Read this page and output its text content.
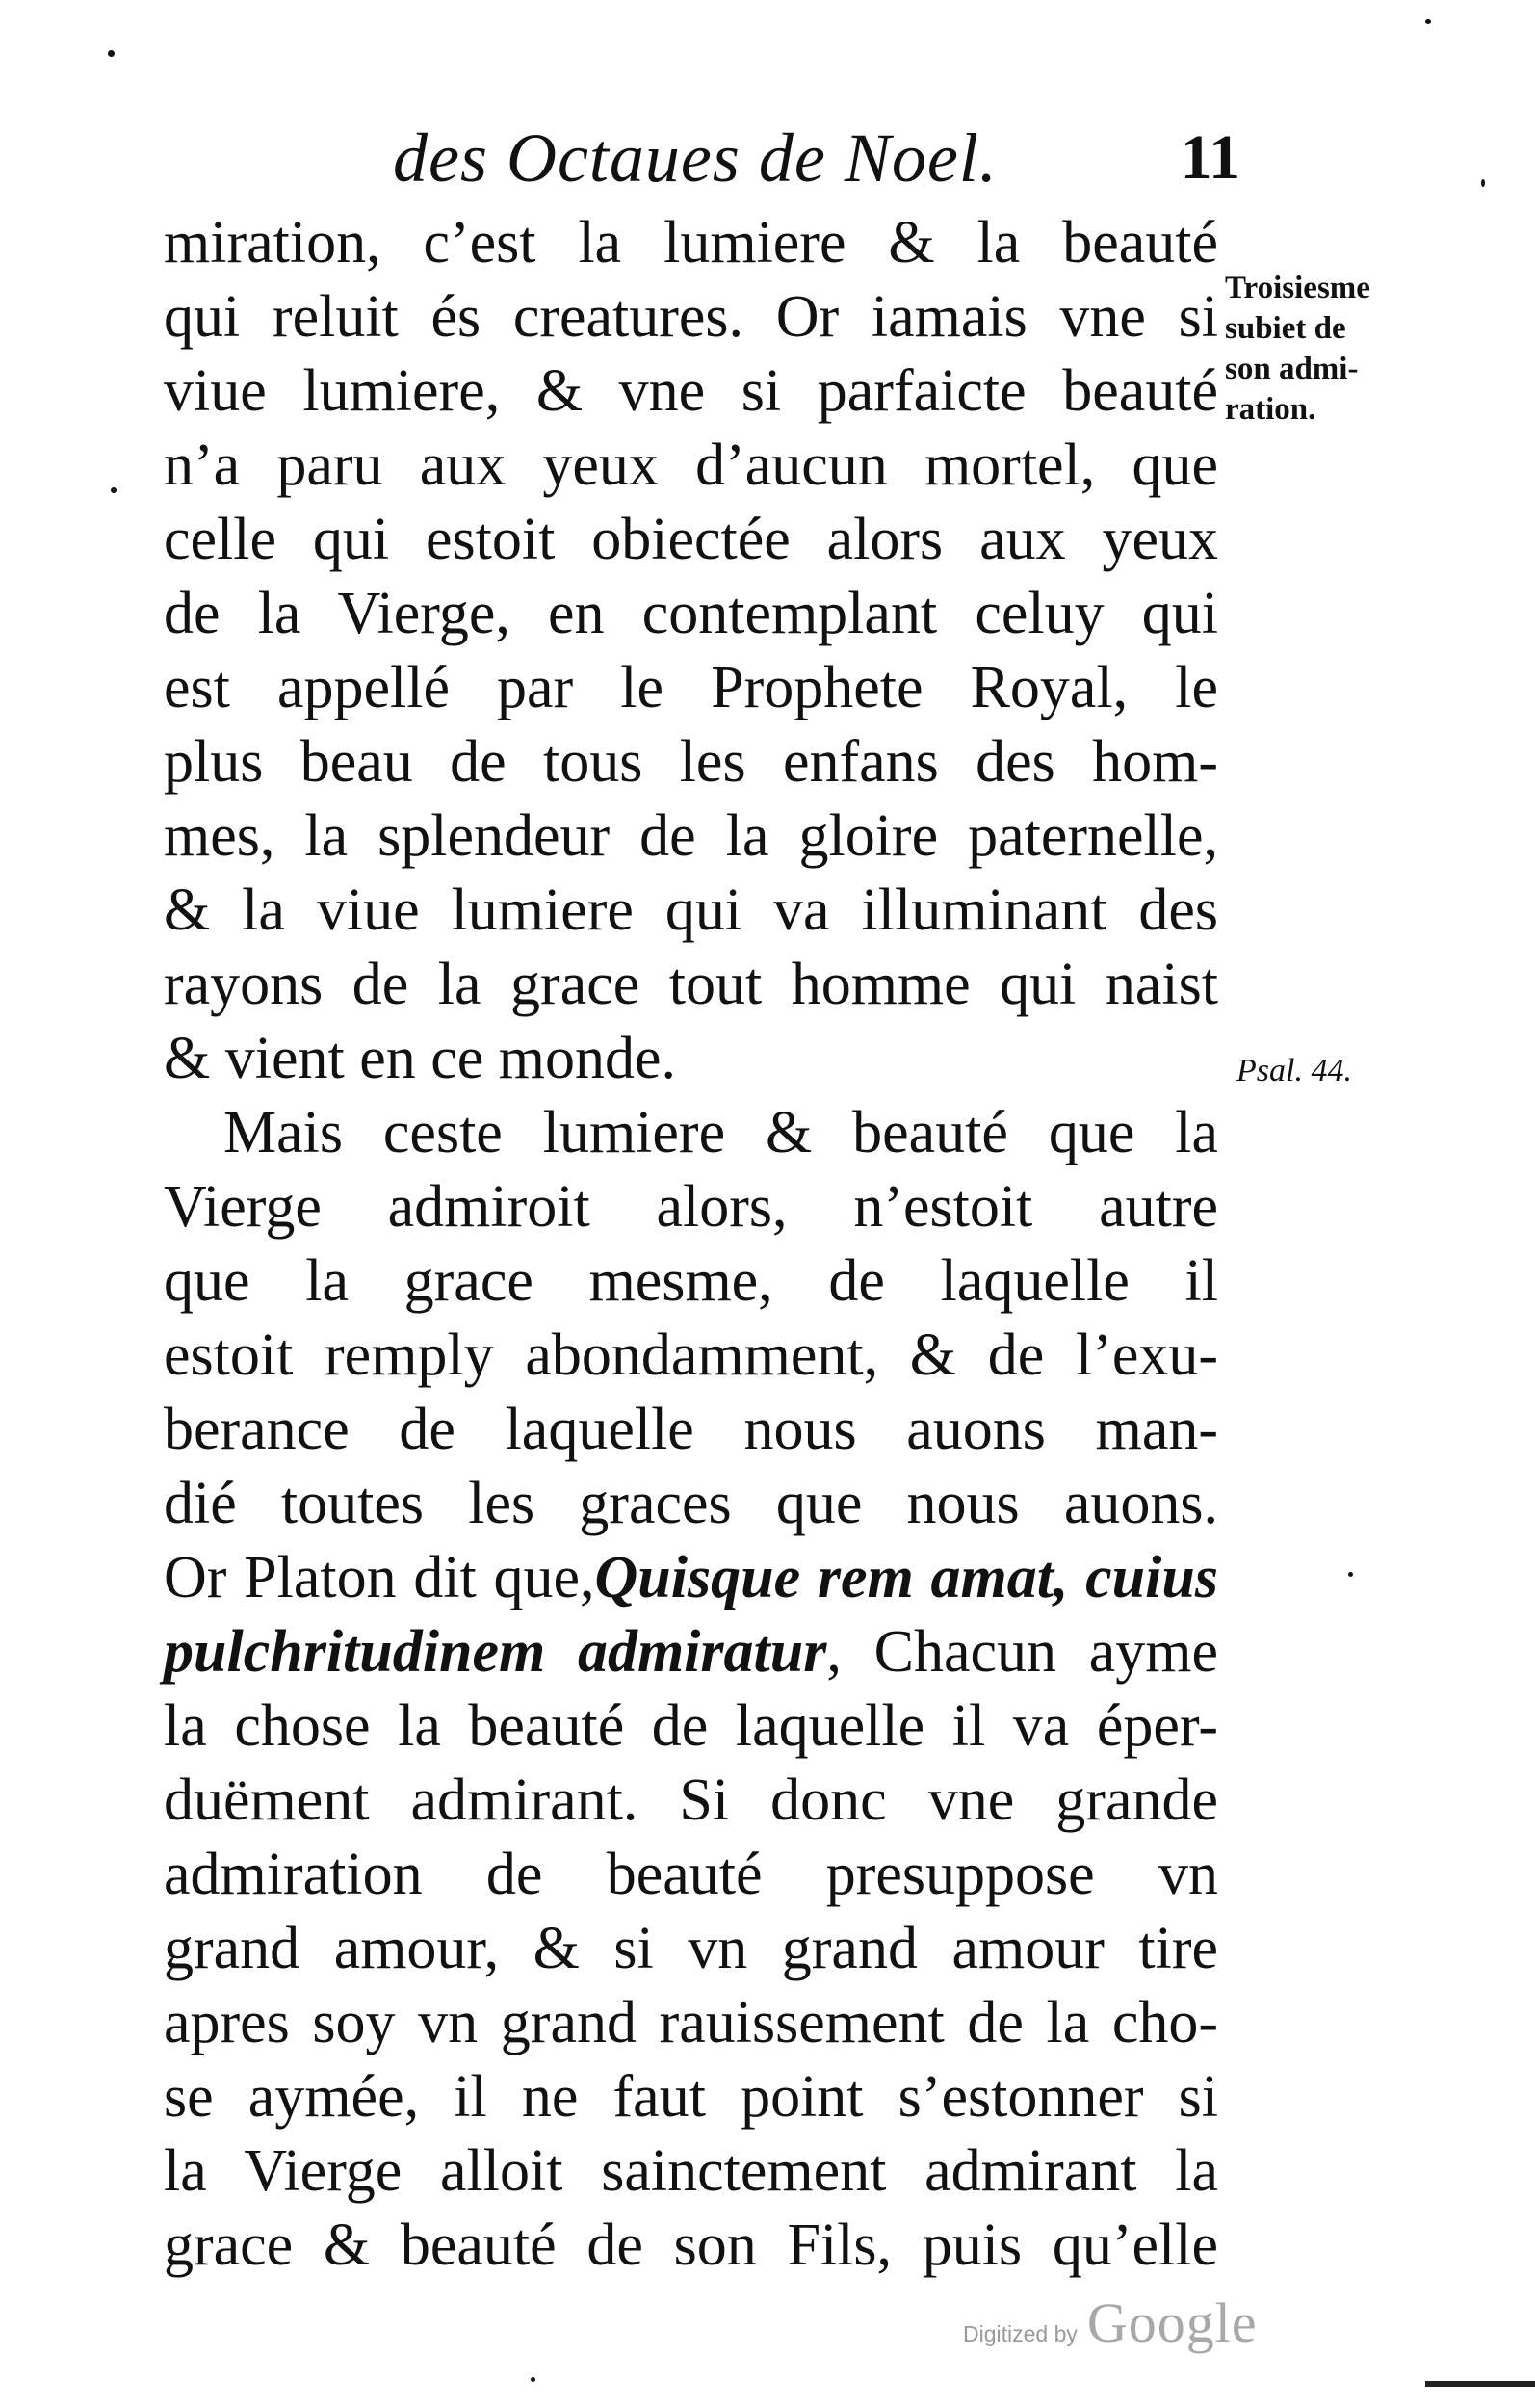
des Octaues de Noel.	11
miration, c’est la lumiere & la beauté
qui reluit és creatures. Or iamais vne si
viue lumiere, & vne si parfaicte beauté
n’a paru aux yeux d’aucun mortel, que
celle qui estoit obiectée alors aux yeux
de la Vierge, en contemplant celuy qui
est appellé par le Prophete Royal, le
plus beau de tous les enfans des hom-
mes, la splendeur de la gloire paternelle,
& la viue lumiere qui va illuminant des
rayons de la grace tout homme qui naist
& vient en ce monde.
Mais ceste lumiere & beauté que la
Vierge admiroit alors, n’estoit autre
que la grace mesme, de laquelle il
estoit remply abondamment, & de l’exu-
berance de laquelle nous auons man-
dié toutes les graces que nous auons.
Or Platon dit que,Quisque rem amat, cuius
pulchritudinem admiratur, Chacun ayme
la chose la beauté de laquelle il va éper-
duëment admirant. Si donc vne grande
admiration de beauté presuppose vn
grand amour, & si vn grand amour tire
apres soy vn grand rauissement de la cho-
se aymée, il ne faut point s’estonner si
la Vierge alloit sainctement admirant la
grace & beauté de son Fils, puis qu’elle
Troisiesme
subiet de
son admi-
ration.
Psal. 44.
Digitized by Google
